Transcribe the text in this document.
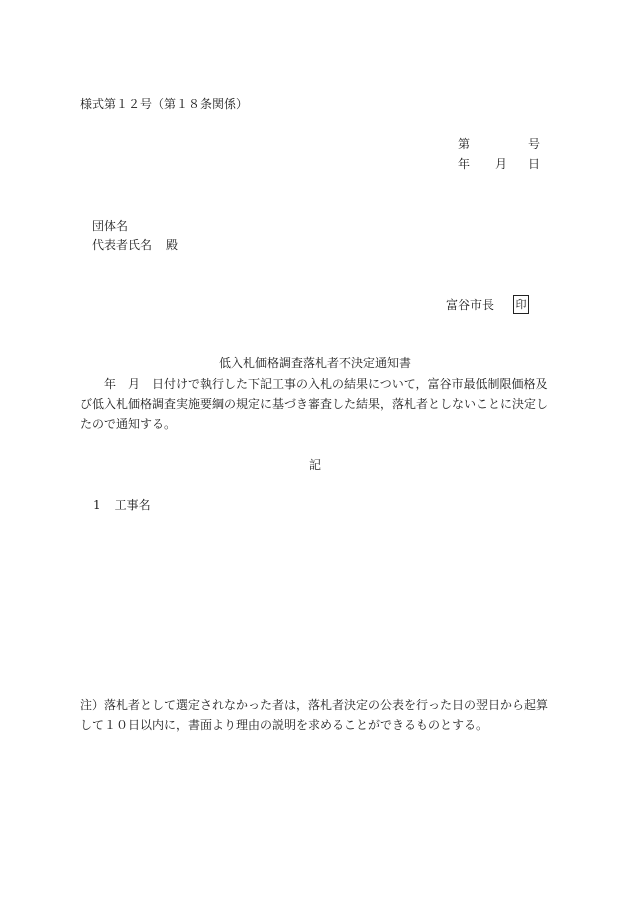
様式第１２号（第１８条関係）
第	号
年 月 日
団体名
代表者氏名 殿
富谷市長 印
低入札価格調査落札者不決定通知書
年　月　日付けで執行した下記工事の入札の結果について，富谷市最低制限価格及び低入札価格調査実施要綱の規定に基づき審査した結果，落札者としないことに決定したので通知する。
記
1 工事名
注）落札者として選定されなかった者は，落札者決定の公表を行った日の翌日から起算して１０日以内に，書面より理由の説明を求めることができるものとする。
